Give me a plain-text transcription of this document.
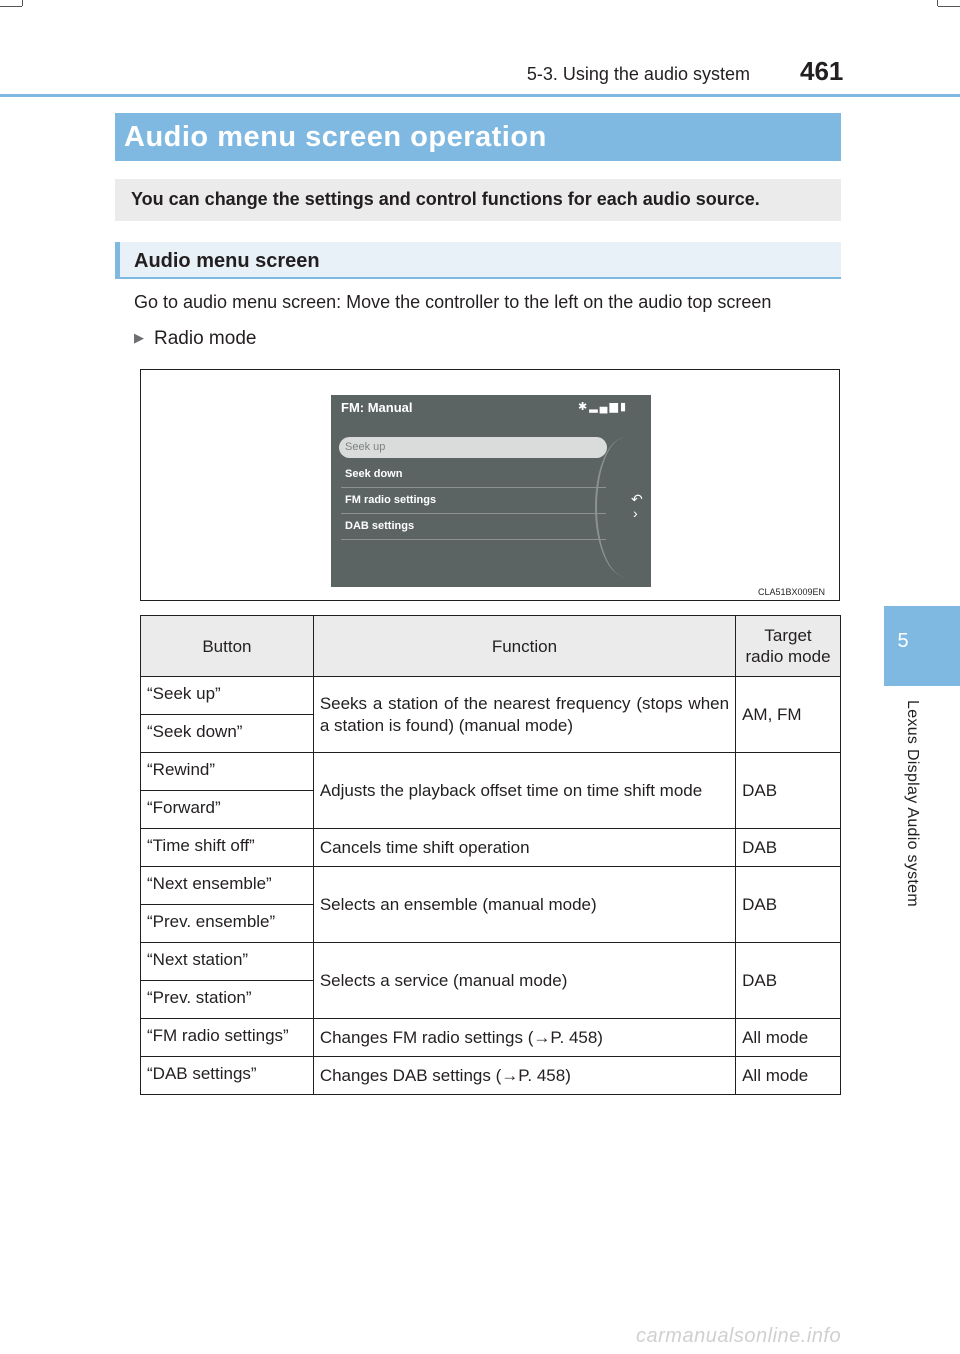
5-3. Using the audio system 461
5
Lexus Display Audio system
Audio menu screen operation
You can change the settings and control functions for each audio source.
Audio menu screen
Go to audio menu screen: Move the controller to the left on the audio top screen
▶ Radio mode
FM: Manual	✱▂▄▆▮
Seek up
Seek down
FM radio settings
DAB settings
↶
›
CLA51BX009EN
Button	Function	Target
radio mode
“Seek up”	Seeks a station of the nearest frequency (stops when a station is found) (manual mode)	AM, FM
“Seek down”		
“Rewind”	Adjusts the playback offset time on time shift mode	DAB
“Forward”		
“Time shift off”	Cancels time shift operation	DAB
“Next ensemble”	Selects an ensemble (manual mode)	DAB
“Prev. ensemble”		
“Next station”	Selects a service (manual mode)	DAB
“Prev. station”		
“FM radio settings”	Changes FM radio settings (→P. 458)	All mode
“DAB settings”	Changes DAB settings (→P. 458)	All mode
carmanualsonline.info
